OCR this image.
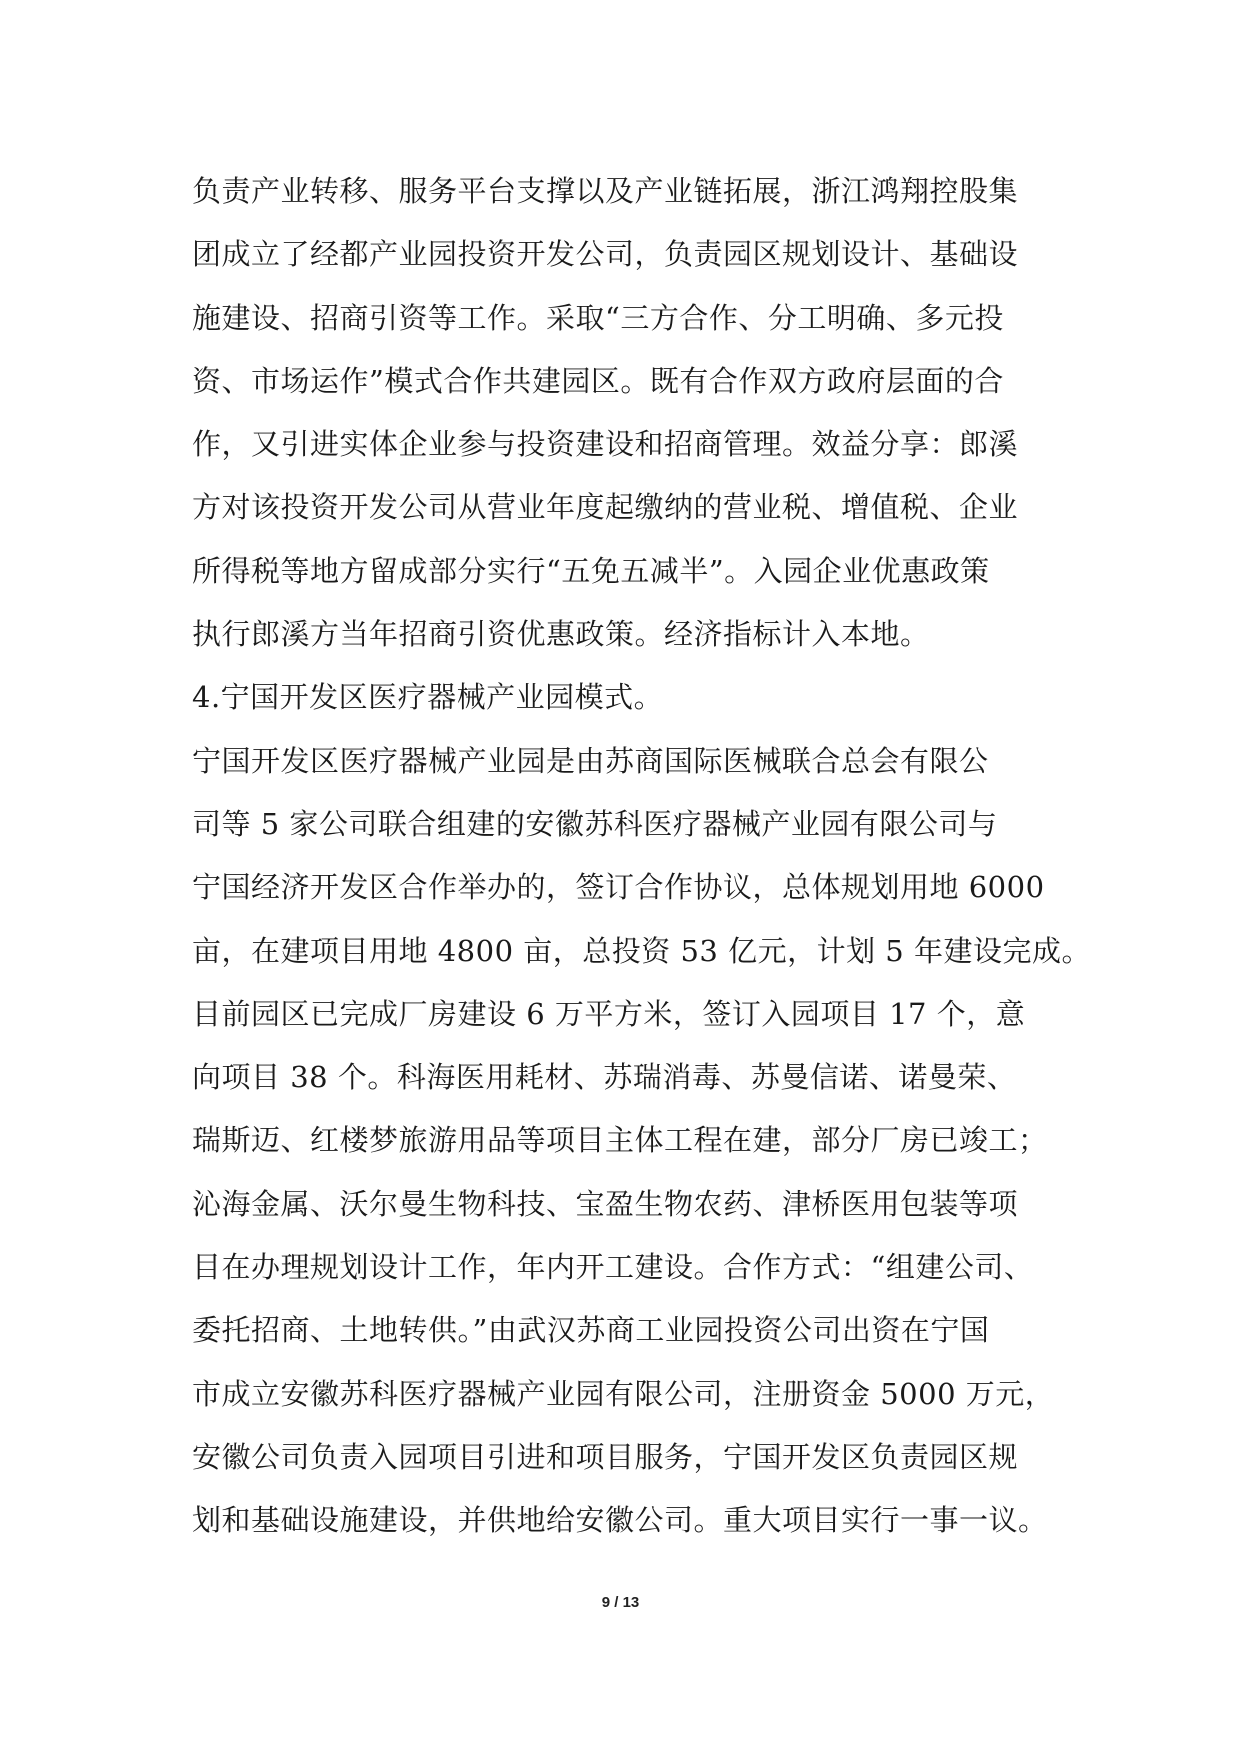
负责产业转移、服务平台支撑以及产业链拓展，浙江鸿翔控股集
团成立了经都产业园投资开发公司，负责园区规划设计、基础设
施建设、招商引资等工作。采取“三方合作、分工明确、多元投
资、市场运作”模式合作共建园区。既有合作双方政府层面的合
作，又引进实体企业参与投资建设和招商管理。效益分享：郎溪
方对该投资开发公司从营业年度起缴纳的营业税、增值税、企业
所得税等地方留成部分实行“五免五减半”。入园企业优惠政策
执行郎溪方当年招商引资优惠政策。经济指标计入本地。
4.宁国开发区医疗器械产业园模式。
宁国开发区医疗器械产业园是由苏商国际医械联合总会有限公
司等 5 家公司联合组建的安徽苏科医疗器械产业园有限公司与
宁国经济开发区合作举办的，签订合作协议，总体规划用地 6000
亩，在建项目用地 4800 亩，总投资 53 亿元，计划 5 年建设完成。
目前园区已完成厂房建设 6 万平方米，签订入园项目 17 个，意
向项目 38 个。科海医用耗材、苏瑞消毒、苏曼信诺、诺曼荣、
瑞斯迈、红楼梦旅游用品等项目主体工程在建，部分厂房已竣工；
沁海金属、沃尔曼生物科技、宝盈生物农药、津桥医用包装等项
目在办理规划设计工作，年内开工建设。合作方式：“组建公司、
委托招商、土地转供。”由武汉苏商工业园投资公司出资在宁国
市成立安徽苏科医疗器械产业园有限公司，注册资金 5000 万元，
安徽公司负责入园项目引进和项目服务，宁国开发区负责园区规
划和基础设施建设，并供地给安徽公司。重大项目实行一事一议。
9 / 13
